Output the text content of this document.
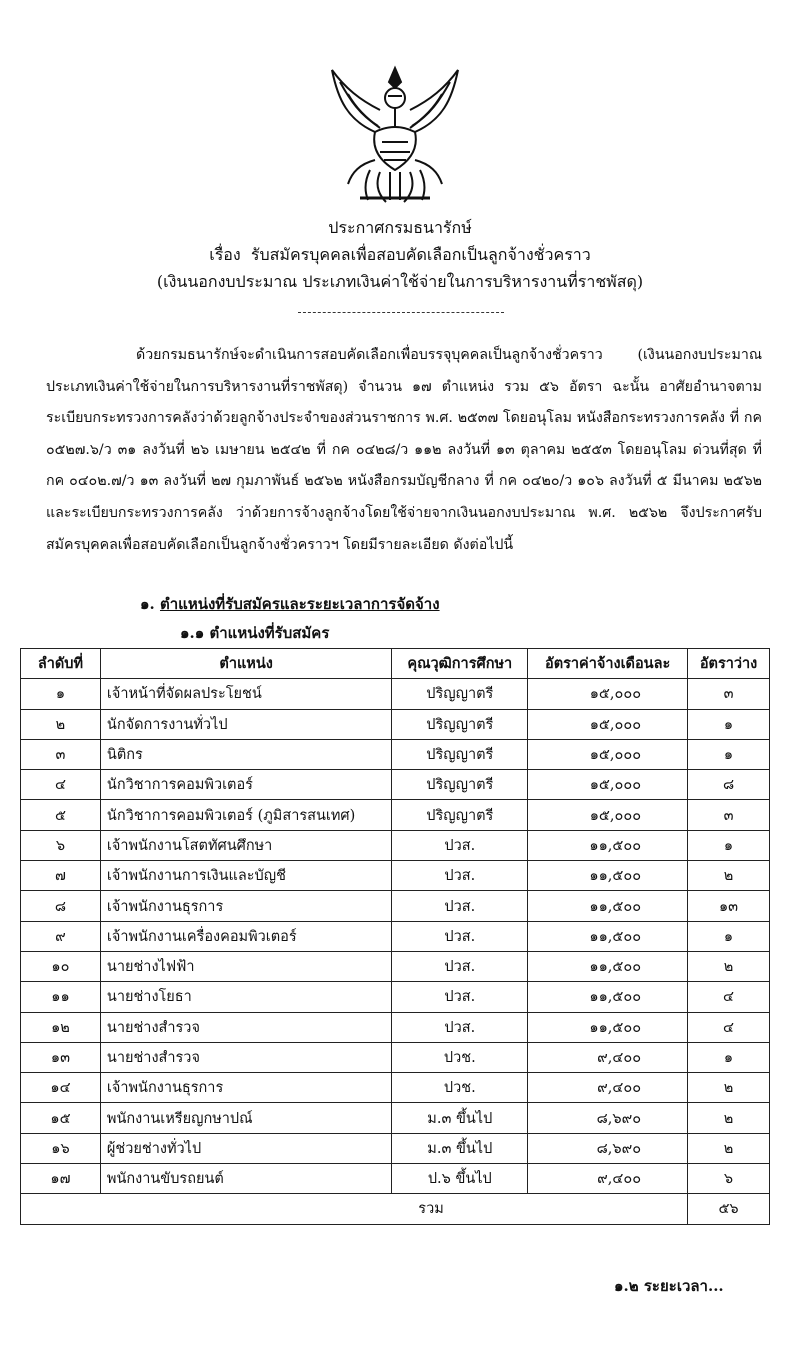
ประกาศกรมธนารักษ์
เรื่อง รับสมัครบุคคลเพื่อสอบคัดเลือกเป็นลูกจ้างชั่วคราว
(เงินนอกงบประมาณ ประเภทเงินค่าใช้จ่ายในการบริหารงานที่ราชพัสดุ)
ด้วยกรมธนารักษ์จะดำเนินการสอบคัดเลือกเพื่อบรรจุบุคคลเป็นลูกจ้างชั่วคราว (เงินนอกงบประมาณ ประเภทเงินค่าใช้จ่ายในการบริหารงานที่ราชพัสดุ) จำนวน ๑๗ ตำแหน่ง รวม ๕๖ อัตรา ฉะนั้น อาศัยอำนาจตามระเบียบกระทรวงการคลังว่าด้วยลูกจ้างประจำของส่วนราชการ พ.ศ. ๒๕๓๗ โดยอนุโลม หนังสือกระทรวงการคลัง ที่ กค ๐๕๒๗.๖/ว ๓๑ ลงวันที่ ๒๖ เมษายน ๒๕๔๒ ที่ กค ๐๔๒๘/ว ๑๑๒ ลงวันที่ ๑๓ ตุลาคม ๒๕๕๓ โดยอนุโลม ด่วนที่สุด ที่ กค ๐๔๐๒.๗/ว ๑๓ ลงวันที่ ๒๗ กุมภาพันธ์ ๒๕๖๒ หนังสือกรมบัญชีกลาง ที่ กค ๐๔๒๐/ว ๑๐๖ ลงวันที่ ๕ มีนาคม ๒๕๖๒ และระเบียบกระทรวงการคลัง ว่าด้วยการจ้างลูกจ้างโดยใช้จ่ายจากเงินนอกงบประมาณ พ.ศ. ๒๕๖๒ จึงประกาศรับสมัครบุคคลเพื่อสอบคัดเลือกเป็นลูกจ้างชั่วคราวฯ โดยมีรายละเอียด ดังต่อไปนี้
๑. ตำแหน่งที่รับสมัครและระยะเวลาการจัดจ้าง
๑.๑ ตำแหน่งที่รับสมัคร
ลำดับที่	ตำแหน่ง	คุณวุฒิการศึกษา	อัตราค่าจ้างเดือนละ	อัตราว่าง
๑	เจ้าหน้าที่จัดผลประโยชน์	ปริญญาตรี	๑๕,๐๐๐	๓
๒	นักจัดการงานทั่วไป	ปริญญาตรี	๑๕,๐๐๐	๑
๓	นิติกร	ปริญญาตรี	๑๕,๐๐๐	๑
๔	นักวิชาการคอมพิวเตอร์	ปริญญาตรี	๑๕,๐๐๐	๘
๕	นักวิชาการคอมพิวเตอร์ (ภูมิสารสนเทศ)	ปริญญาตรี	๑๕,๐๐๐	๓
๖	เจ้าพนักงานโสตทัศนศึกษา	ปวส.	๑๑,๕๐๐	๑
๗	เจ้าพนักงานการเงินและบัญชี	ปวส.	๑๑,๕๐๐	๒
๘	เจ้าพนักงานธุรการ	ปวส.	๑๑,๕๐๐	๑๓
๙	เจ้าพนักงานเครื่องคอมพิวเตอร์	ปวส.	๑๑,๕๐๐	๑
๑๐	นายช่างไฟฟ้า	ปวส.	๑๑,๕๐๐	๒
๑๑	นายช่างโยธา	ปวส.	๑๑,๕๐๐	๔
๑๒	นายช่างสำรวจ	ปวส.	๑๑,๕๐๐	๔
๑๓	นายช่างสำรวจ	ปวช.	๙,๔๐๐	๑
๑๔	เจ้าพนักงานธุรการ	ปวช.	๙,๔๐๐	๒
๑๕	พนักงานเหรียญกษาปณ์	ม.๓ ขึ้นไป	๘,๖๙๐	๒
๑๖	ผู้ช่วยช่างทั่วไป	ม.๓ ขึ้นไป	๘,๖๙๐	๒
๑๗	พนักงานขับรถยนต์	ป.๖ ขึ้นไป	๙,๔๐๐	๖
รวม				๕๖
๑.๒ ระยะเวลา...
